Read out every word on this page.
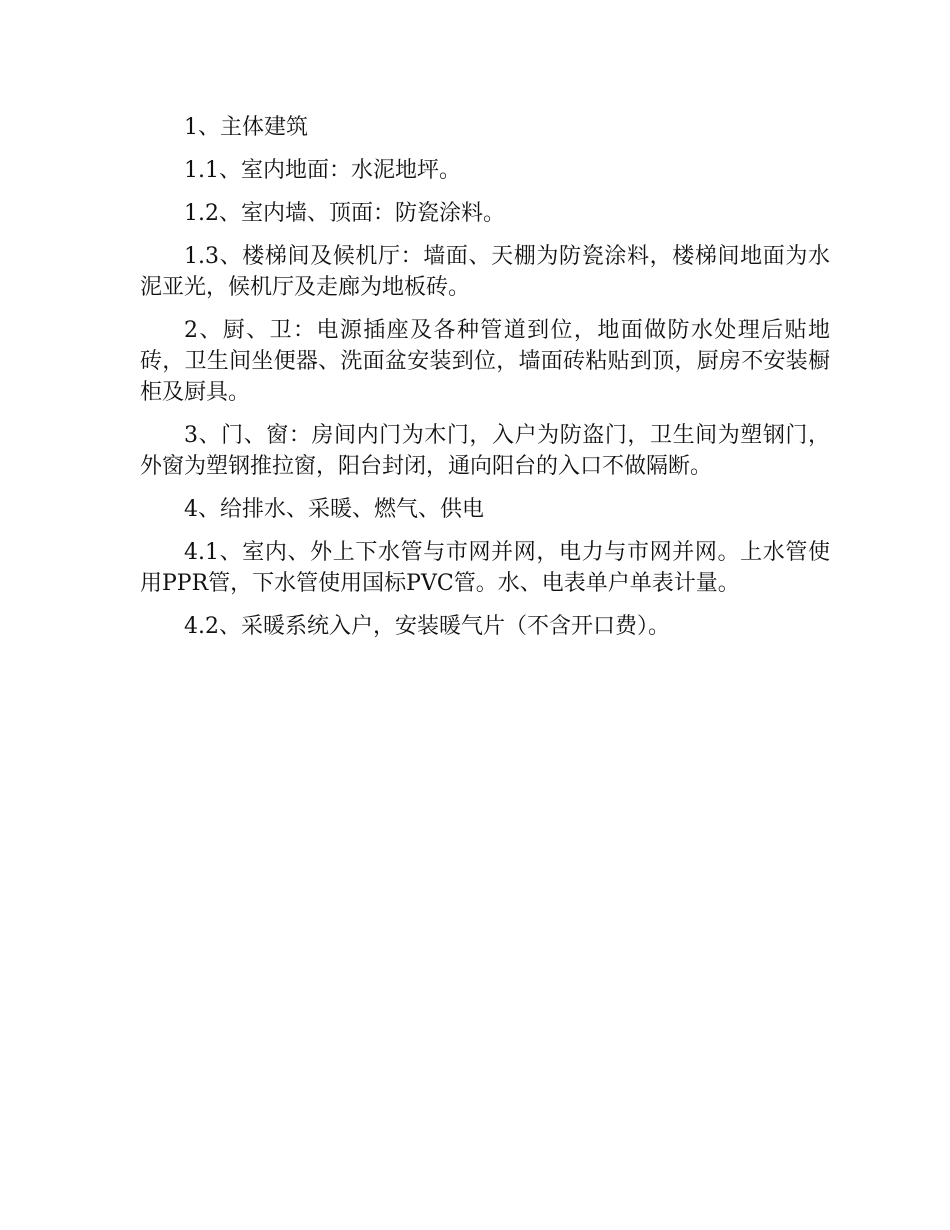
1、主体建筑

1.1、室内地面：水泥地坪。

1.2、室内墙、顶面：防瓷涂料。

1.3、楼梯间及候机厅：墙面、天棚为防瓷涂料，楼梯间地面为水泥亚光，候机厅及走廊为地板砖。

2、厨、卫：电源插座及各种管道到位，地面做防水处理后贴地砖，卫生间坐便器、洗面盆安装到位，墙面砖粘贴到顶，厨房不安装橱柜及厨具。

3、门、窗：房间内门为木门，入户为防盗门，卫生间为塑钢门，外窗为塑钢推拉窗，阳台封闭，通向阳台的入口不做隔断。

4、给排水、采暖、燃气、供电

4.1、室内、外上下水管与市网并网，电力与市网并网。上水管使用PPR管，下水管使用国标PVC管。水、电表单户单表计量。

4.2、采暖系统入户，安装暖气片（不含开口费）。
